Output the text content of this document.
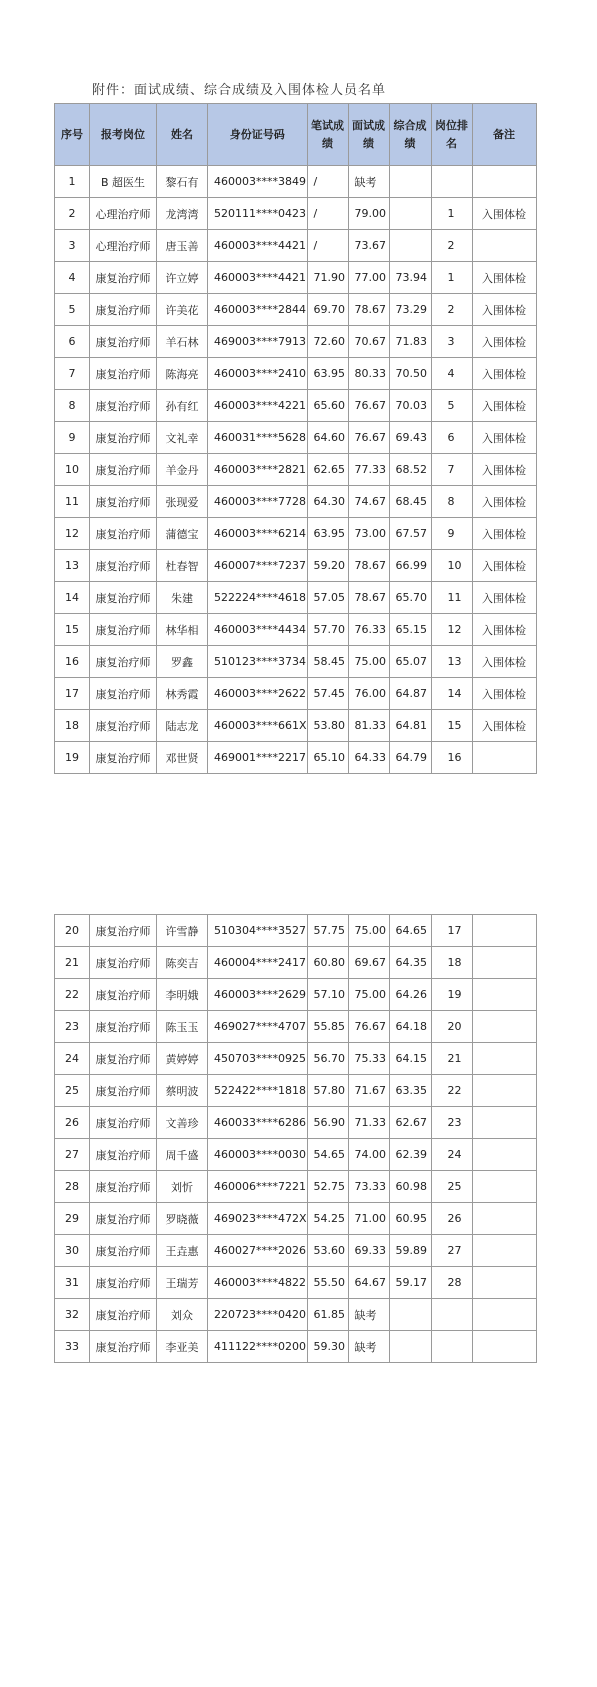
附件：面试成绩、综合成绩及入围体检人员名单
序号	报考岗位	姓名	身份证号码	笔试成绩	面试成绩	综合成绩	岗位排名	备注
1	B 超医生	黎石有	460003****3849	/	缺考			
2	心理治疗师	龙湾湾	520111****0423	/	79.00		1	入围体检
3	心理治疗师	唐玉善	460003****4421	/	73.67		2	
4	康复治疗师	许立婷	460003****4421	71.90	77.00	73.94	1	入围体检
5	康复治疗师	许美花	460003****2844	69.70	78.67	73.29	2	入围体检
6	康复治疗师	羊石林	469003****7913	72.60	70.67	71.83	3	入围体检
7	康复治疗师	陈海亮	460003****2410	63.95	80.33	70.50	4	入围体检
8	康复治疗师	孙有红	460003****4221	65.60	76.67	70.03	5	入围体检
9	康复治疗师	文礼幸	460031****5628	64.60	76.67	69.43	6	入围体检
10	康复治疗师	羊金丹	460003****2821	62.65	77.33	68.52	7	入围体检
11	康复治疗师	张现爱	460003****7728	64.30	74.67	68.45	8	入围体检
12	康复治疗师	蒲德宝	460003****6214	63.95	73.00	67.57	9	入围体检
13	康复治疗师	杜春智	460007****7237	59.20	78.67	66.99	10	入围体检
14	康复治疗师	朱建	522224****4618	57.05	78.67	65.70	11	入围体检
15	康复治疗师	林华相	460003****4434	57.70	76.33	65.15	12	入围体检
16	康复治疗师	罗鑫	510123****3734	58.45	75.00	65.07	13	入围体检
17	康复治疗师	林秀霞	460003****2622	57.45	76.00	64.87	14	入围体检
18	康复治疗师	陆志龙	460003****661X	53.80	81.33	64.81	15	入围体检
19	康复治疗师	邓世贤	469001****2217	65.10	64.33	64.79	16	
20	康复治疗师	许雪静	510304****3527	57.75	75.00	64.65	17	
21	康复治疗师	陈奕吉	460004****2417	60.80	69.67	64.35	18	
22	康复治疗师	李明娥	460003****2629	57.10	75.00	64.26	19	
23	康复治疗师	陈玉玉	469027****4707	55.85	76.67	64.18	20	
24	康复治疗师	黄婷婷	450703****0925	56.70	75.33	64.15	21	
25	康复治疗师	蔡明波	522422****1818	57.80	71.67	63.35	22	
26	康复治疗师	文善珍	460033****6286	56.90	71.33	62.67	23	
27	康复治疗师	周千盛	460003****0030	54.65	74.00	62.39	24	
28	康复治疗师	刘忻	460006****7221	52.75	73.33	60.98	25	
29	康复治疗师	罗晓薇	469023****472X	54.25	71.00	60.95	26	
30	康复治疗师	王垚惠	460027****2026	53.60	69.33	59.89	27	
31	康复治疗师	王瑞芳	460003****4822	55.50	64.67	59.17	28	
32	康复治疗师	刘众	220723****0420	61.85	缺考			
33	康复治疗师	李亚美	411122****0200	59.30	缺考			
